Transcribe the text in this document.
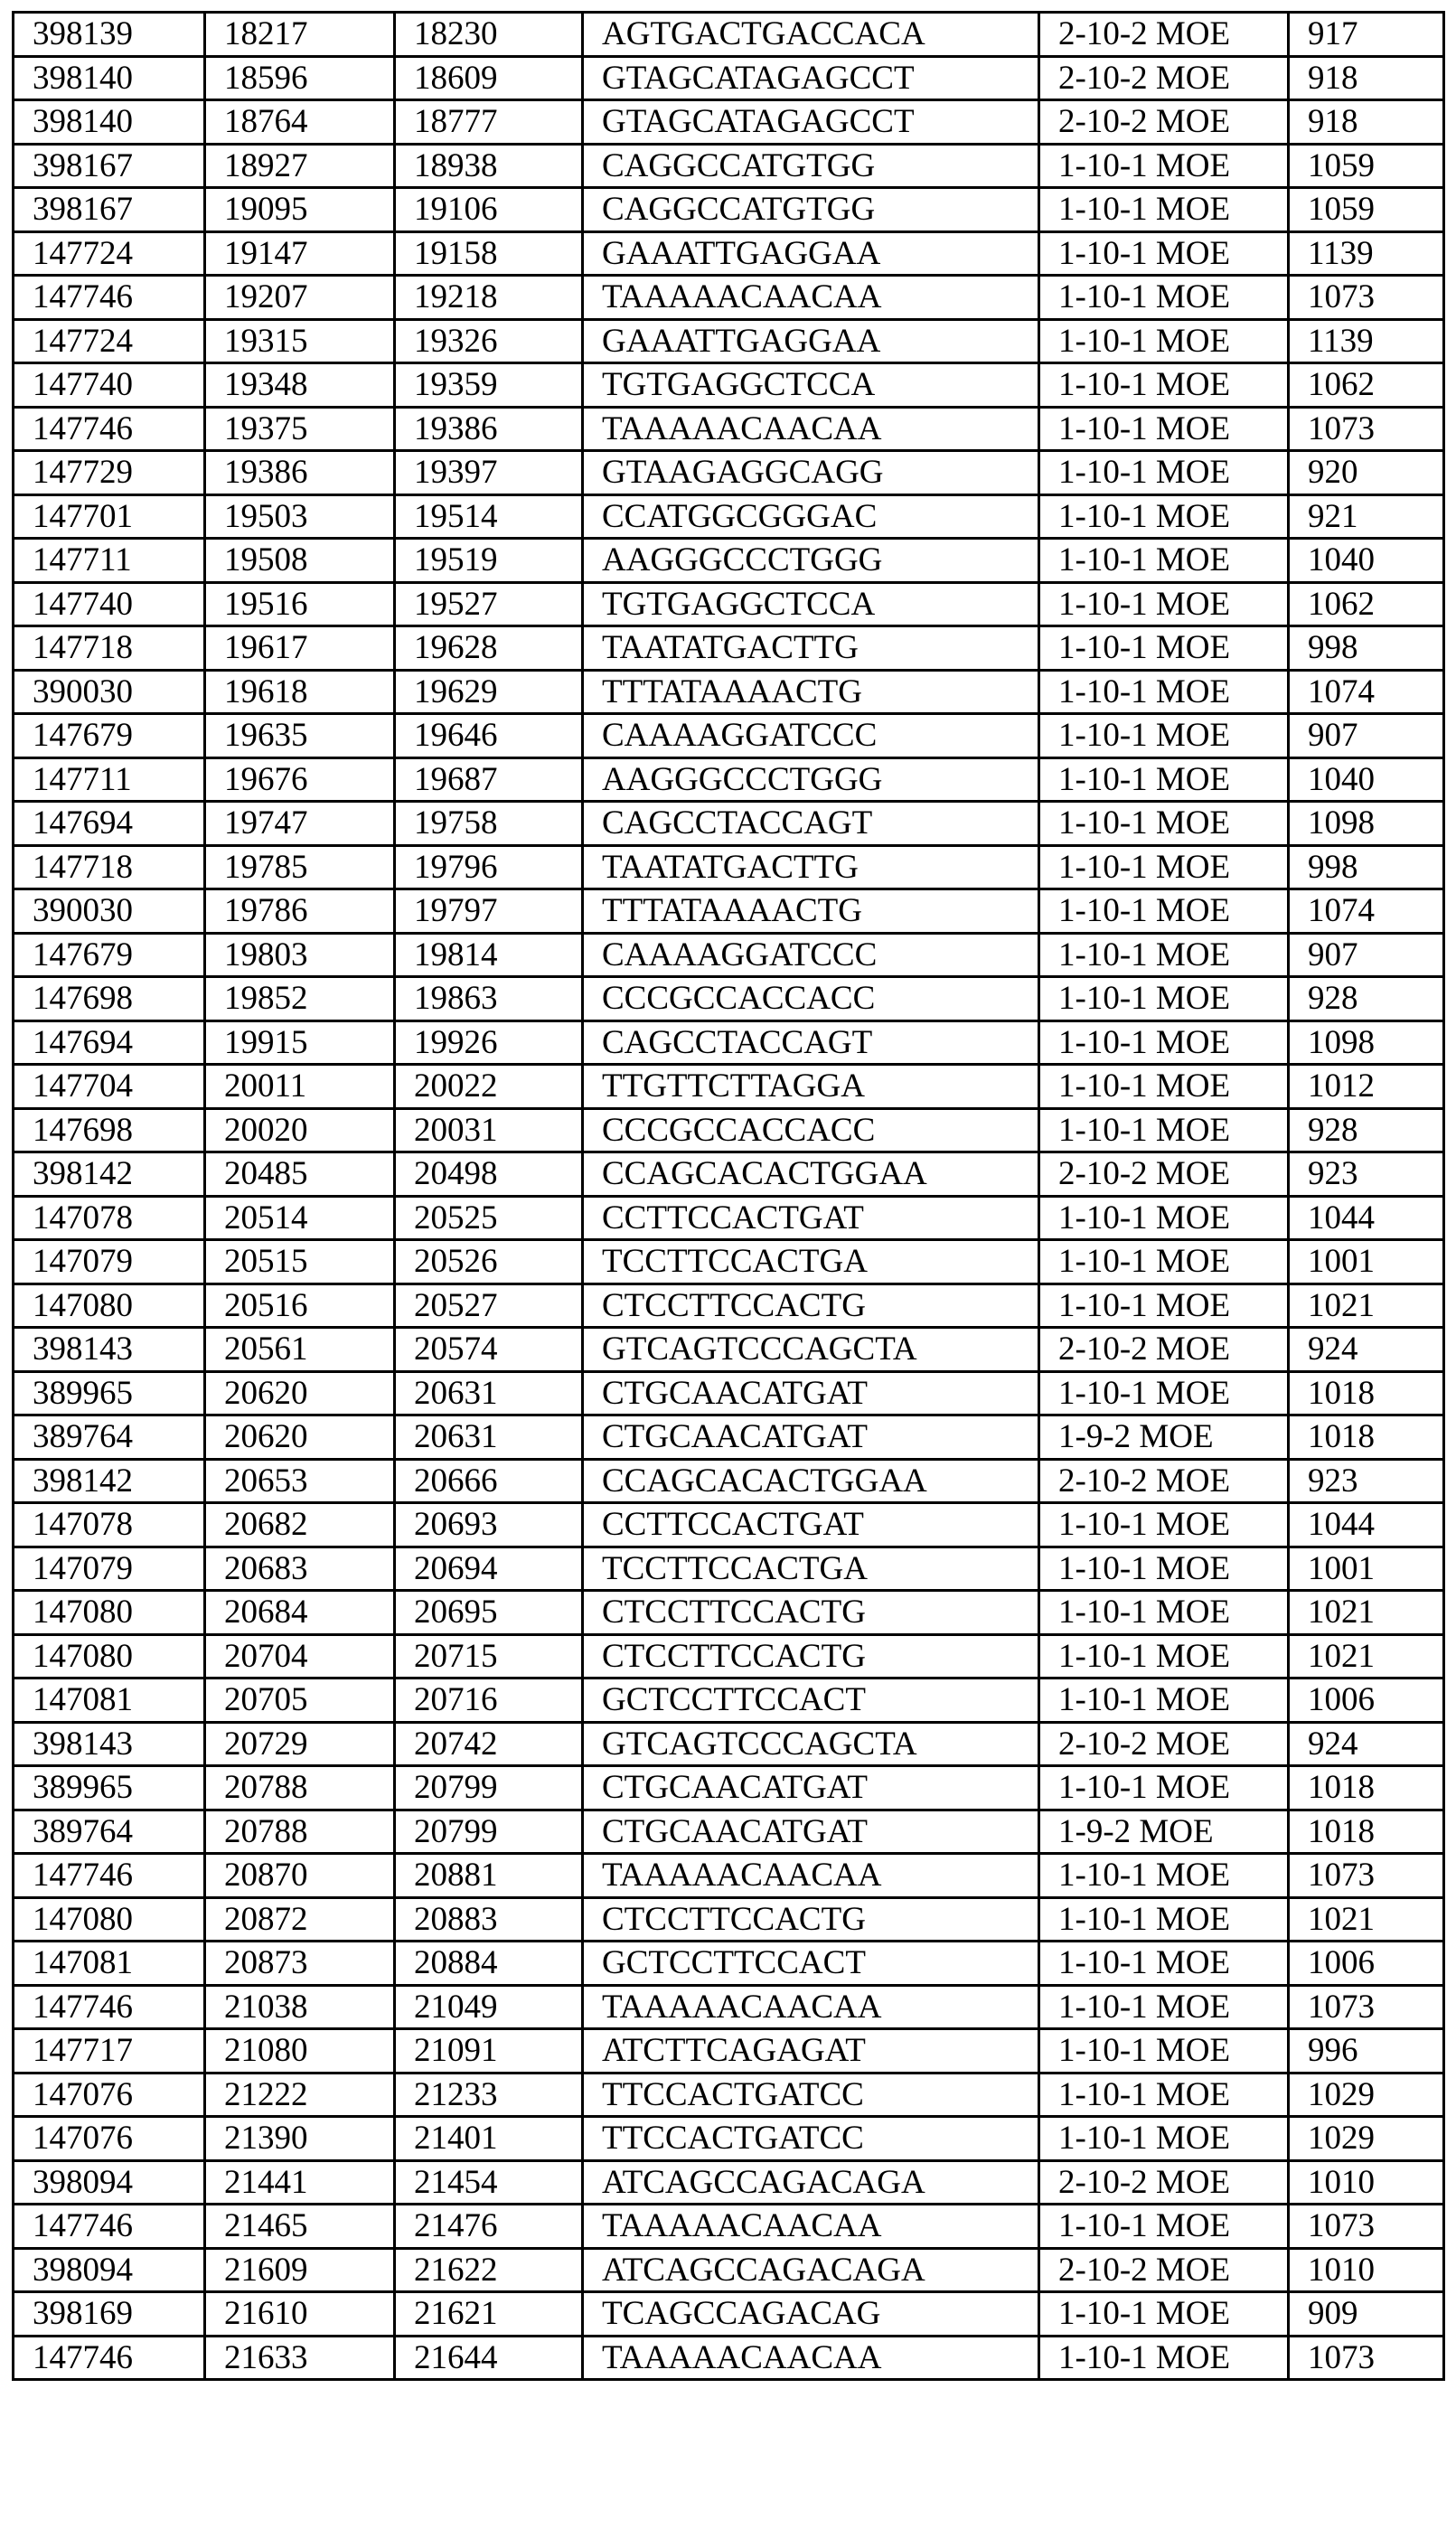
398139	18217	18230	AGTGACTGACCACA	2-10-2 MOE	917
398140	18596	18609	GTAGCATAGAGCCT	2-10-2 MOE	918
398140	18764	18777	GTAGCATAGAGCCT	2-10-2 MOE	918
398167	18927	18938	CAGGCCATGTGG	1-10-1 MOE	1059
398167	19095	19106	CAGGCCATGTGG	1-10-1 MOE	1059
147724	19147	19158	GAAATTGAGGAA	1-10-1 MOE	1139
147746	19207	19218	TAAAAACAACAA	1-10-1 MOE	1073
147724	19315	19326	GAAATTGAGGAA	1-10-1 MOE	1139
147740	19348	19359	TGTGAGGCTCCA	1-10-1 MOE	1062
147746	19375	19386	TAAAAACAACAA	1-10-1 MOE	1073
147729	19386	19397	GTAAGAGGCAGG	1-10-1 MOE	920
147701	19503	19514	CCATGGCGGGAC	1-10-1 MOE	921
147711	19508	19519	AAGGGCCCTGGG	1-10-1 MOE	1040
147740	19516	19527	TGTGAGGCTCCA	1-10-1 MOE	1062
147718	19617	19628	TAATATGACTTG	1-10-1 MOE	998
390030	19618	19629	TTTATAAAACTG	1-10-1 MOE	1074
147679	19635	19646	CAAAAGGATCCC	1-10-1 MOE	907
147711	19676	19687	AAGGGCCCTGGG	1-10-1 MOE	1040
147694	19747	19758	CAGCCTACCAGT	1-10-1 MOE	1098
147718	19785	19796	TAATATGACTTG	1-10-1 MOE	998
390030	19786	19797	TTTATAAAACTG	1-10-1 MOE	1074
147679	19803	19814	CAAAAGGATCCC	1-10-1 MOE	907
147698	19852	19863	CCCGCCACCACC	1-10-1 MOE	928
147694	19915	19926	CAGCCTACCAGT	1-10-1 MOE	1098
147704	20011	20022	TTGTTCTTAGGA	1-10-1 MOE	1012
147698	20020	20031	CCCGCCACCACC	1-10-1 MOE	928
398142	20485	20498	CCAGCACACTGGAA	2-10-2 MOE	923
147078	20514	20525	CCTTCCACTGAT	1-10-1 MOE	1044
147079	20515	20526	TCCTTCCACTGA	1-10-1 MOE	1001
147080	20516	20527	CTCCTTCCACTG	1-10-1 MOE	1021
398143	20561	20574	GTCAGTCCCAGCTA	2-10-2 MOE	924
389965	20620	20631	CTGCAACATGAT	1-10-1 MOE	1018
389764	20620	20631	CTGCAACATGAT	1-9-2 MOE	1018
398142	20653	20666	CCAGCACACTGGAA	2-10-2 MOE	923
147078	20682	20693	CCTTCCACTGAT	1-10-1 MOE	1044
147079	20683	20694	TCCTTCCACTGA	1-10-1 MOE	1001
147080	20684	20695	CTCCTTCCACTG	1-10-1 MOE	1021
147080	20704	20715	CTCCTTCCACTG	1-10-1 MOE	1021
147081	20705	20716	GCTCCTTCCACT	1-10-1 MOE	1006
398143	20729	20742	GTCAGTCCCAGCTA	2-10-2 MOE	924
389965	20788	20799	CTGCAACATGAT	1-10-1 MOE	1018
389764	20788	20799	CTGCAACATGAT	1-9-2 MOE	1018
147746	20870	20881	TAAAAACAACAA	1-10-1 MOE	1073
147080	20872	20883	CTCCTTCCACTG	1-10-1 MOE	1021
147081	20873	20884	GCTCCTTCCACT	1-10-1 MOE	1006
147746	21038	21049	TAAAAACAACAA	1-10-1 MOE	1073
147717	21080	21091	ATCTTCAGAGAT	1-10-1 MOE	996
147076	21222	21233	TTCCACTGATCC	1-10-1 MOE	1029
147076	21390	21401	TTCCACTGATCC	1-10-1 MOE	1029
398094	21441	21454	ATCAGCCAGACAGA	2-10-2 MOE	1010
147746	21465	21476	TAAAAACAACAA	1-10-1 MOE	1073
398094	21609	21622	ATCAGCCAGACAGA	2-10-2 MOE	1010
398169	21610	21621	TCAGCCAGACAG	1-10-1 MOE	909
147746	21633	21644	TAAAAACAACAA	1-10-1 MOE	1073
